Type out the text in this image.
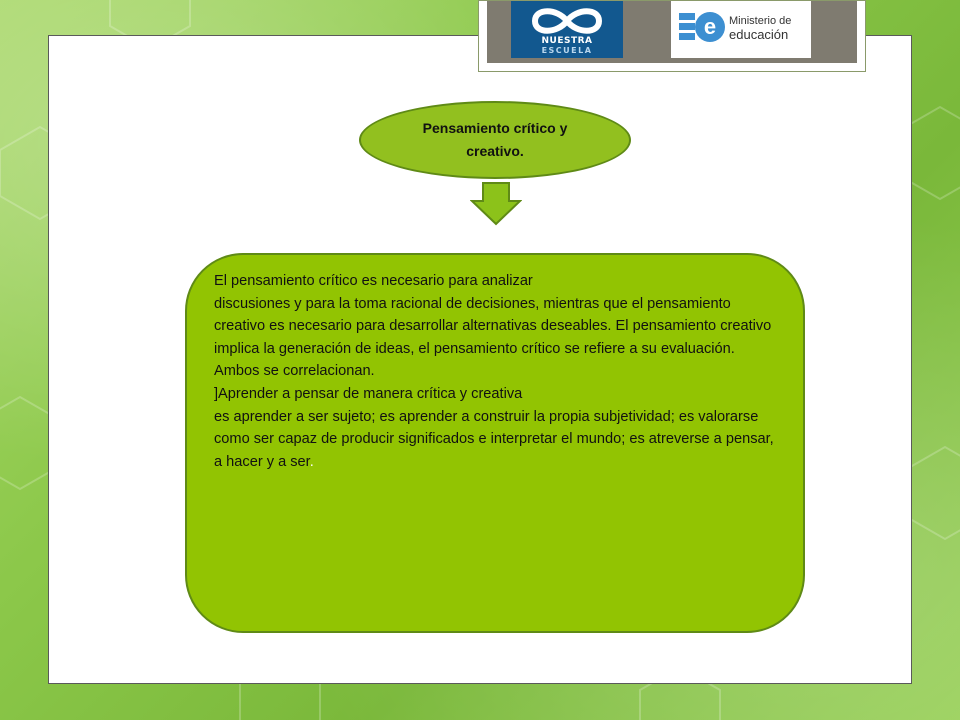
NUESTRA
ESCUELA
e Ministerio de
educación
Pensamiento crítico y creativo.

El pensamiento crítico es necesario para analizar

discusiones y para la toma racional de decisiones, mientras que el pensamiento

creativo es necesario para desarrollar alternativas deseables. El pensamiento creativo

implica la generación de ideas, el pensamiento crítico se refiere a su evaluación.

Ambos se correlacionan.

]Aprender a pensar de manera crítica y creativa

es aprender a ser sujeto; es aprender a construir la propia subjetividad; es valorarse

como ser capaz de producir significados e interpretar el mundo; es atreverse a pensar,

a hacer y a ser.
